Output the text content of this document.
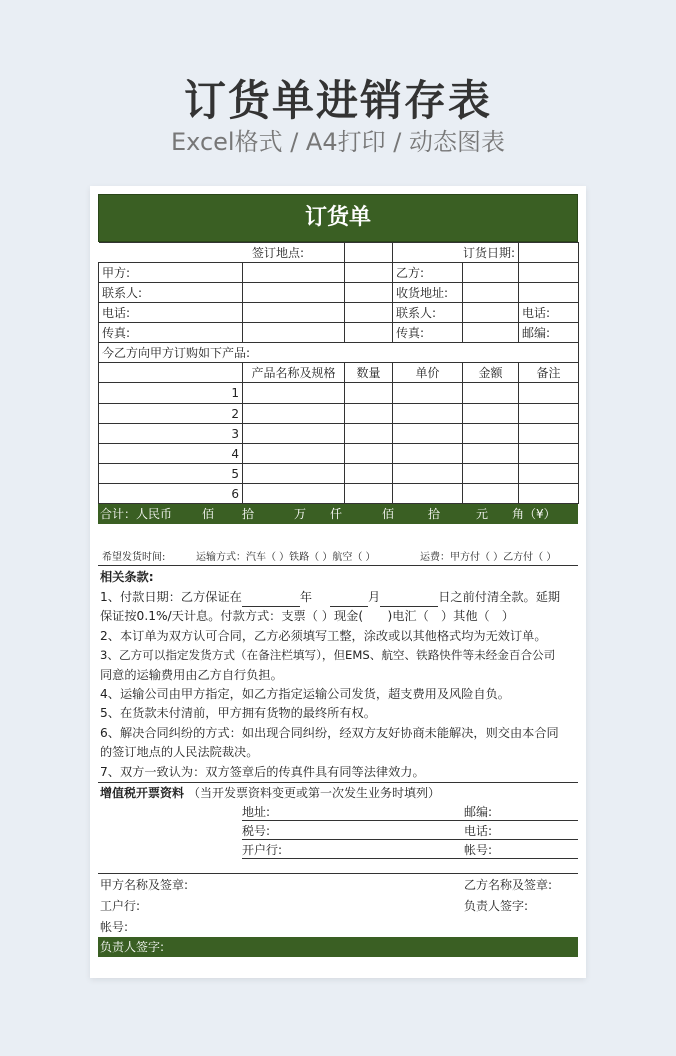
订货单进销存表
Excel格式 / A4打印 / 动态图表
订货单
签订地点:			订货日期:		
甲方:			乙方:		
联系人:			收货地址:		
电话:			联系人:		电话:
传真:			传真:		邮编:
今乙方向甲方订购如下产品:					
	产品名称及规格	数量	单价	金额	备注
1					
2					
3					
4					
5					
6					
合计：人民币	佰	拾	万	仟	佰	拾	元	角（¥）
希望发货时间:	运输方式：汽车（ ）铁路（ ）航空（ ）	运费：甲方付（ ）乙方付（ ）
相关条款:

1、付款日期：乙方保证在	年	月	日之前付清全款。延期

保证按0.1%/天计息。付款方式：支票（ ）现金(　　)电汇（　）其他（　）

2、本订单为双方认可合同，乙方必须填写工整，涂改或以其他格式均为无效订单。

3、乙方可以指定发货方式（在备注栏填写），但EMS、航空、铁路快件等未经金百合公司

同意的运输费用由乙方自行负担。

4、运输公司由甲方指定，如乙方指定运输公司发货，超支费用及风险自负。

5、在货款未付清前，甲方拥有货物的最终所有权。

6、解决合同纠纷的方式：如出现合同纠纷，经双方友好协商未能解决，则交由本合同

的签订地点的人民法院裁决。

7、双方一致认为：双方签章后的传真件具有同等法律效力。

增值税开票资料 （当开发票资料变更或第一次发生业务时填列）
地址:	邮编:
税号:	电话:
开户行:	帐号:
甲方名称及签章:	乙方名称及签章:
工户行:	负责人签字:
帐号:
负责人签字:
